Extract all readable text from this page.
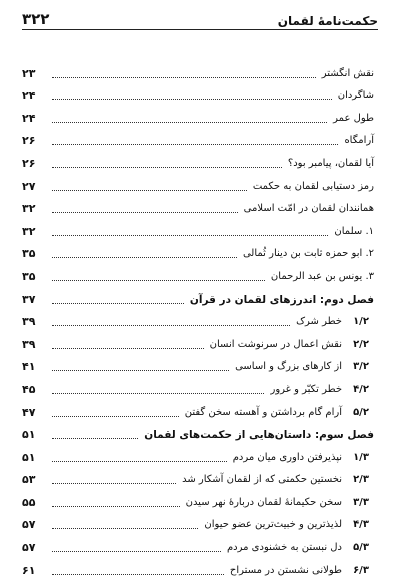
۳۲۲	حکمت‌نامهٔ لقمان
نقش انگشتر
۲۳
شاگردان
۲۴
طول عمر
۲۴
آرامگاه
۲۶
آیا لقمان، پیامبر بود؟
۲۶
رمز دستیابی لقمان به حکمت
۲۷
همانندان لقمان در امّت اسلامی
۳۲
۱. سلمان
۳۲
۲. ابو حمزه ثابت بن دینار ثُمالی
۳۵
۳. یونس بن عبد الرحمان
۳۵
فصل دوم: اندرزهای لقمان در قرآن
۳۷
۱/۲
خطر شرک
۳۹
۲/۲
نقش اعمال در سرنوشت انسان
۳۹
۳/۲
از کارهای بزرگ و اساسی
۴۱
۴/۲
خطر تکبّر و غرور
۴۵
۵/۲
آرام گام برداشتن و آهسته سخن گفتن
۴۷
فصل سوم: داستان‌هایی از حکمت‌های لقمان
۵۱
۱/۳
نپذیرفتن داوری میان مردم
۵۱
۲/۳
نخستین حکمتی که از لقمان آشکار شد
۵۳
۳/۳
سخن حکیمانهٔ لقمان دربارهٔ نهر سیدن
۵۵
۴/۳
لذیذترین و خبیث‌ترین عضو حیوان
۵۷
۵/۳
دل نبستن به خشنودی مردم
۵۷
۶/۳
طولانی نشستن در مستراح
۶۱
